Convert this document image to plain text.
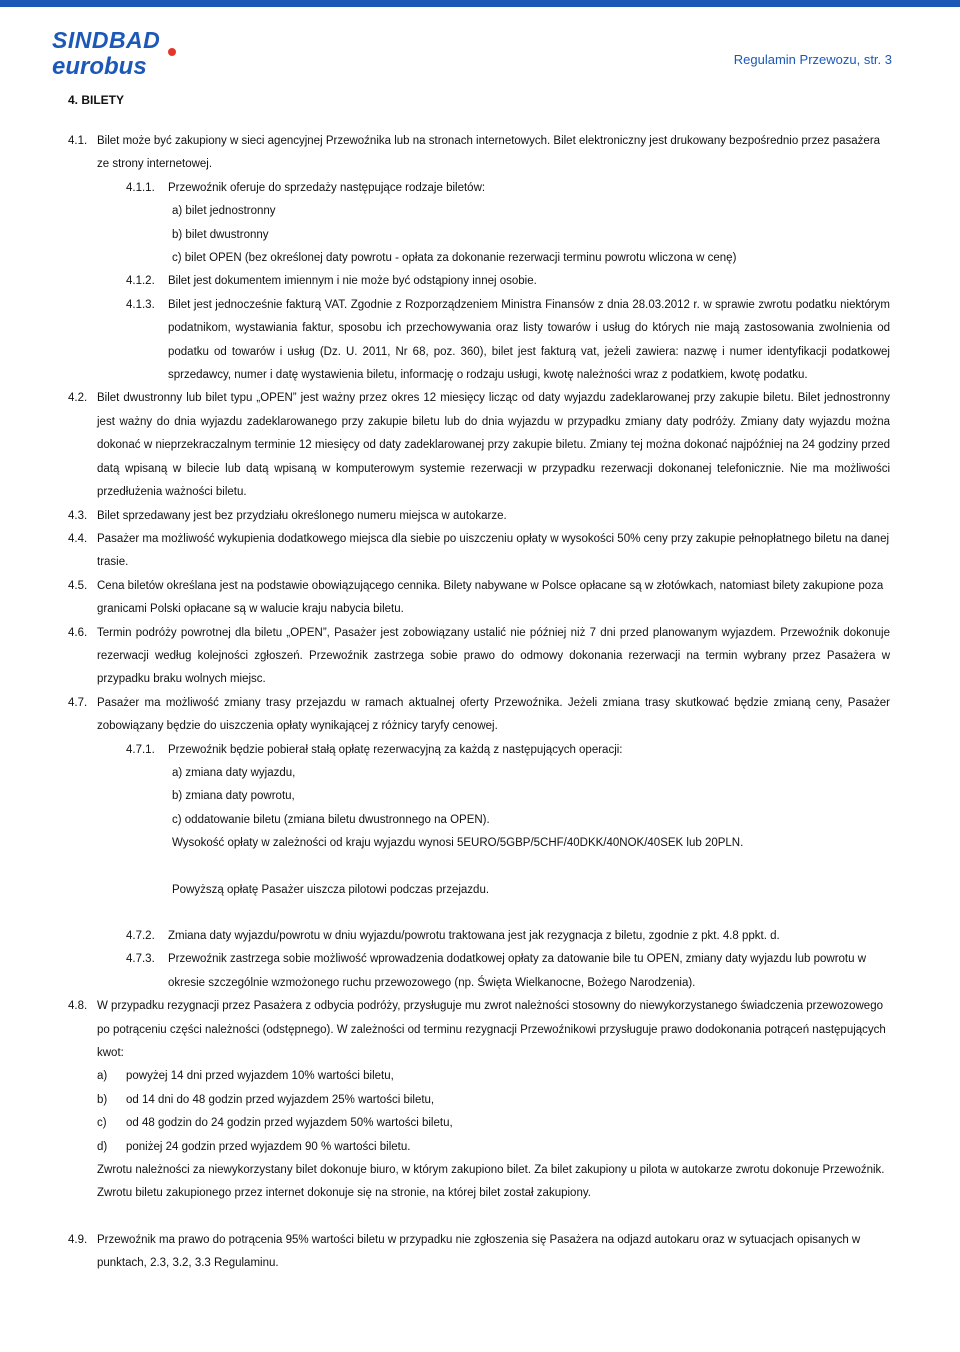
SINDBAD
eurobus	Regulamin Przewozu, str. 3
4. BILETY
4.1. Bilet może być zakupiony w sieci agencyjnej Przewoźnika lub na stronach internetowych. Bilet elektroniczny jest drukowany bezpośrednio przez pasażera ze strony internetowej.
4.1.1. Przewoźnik oferuje do sprzedaży następujące rodzaje biletów:
a) bilet jednostronny
b) bilet dwustronny
c) bilet OPEN (bez określonej daty powrotu - opłata za dokonanie rezerwacji terminu powrotu wliczona w cenę)
4.1.2. Bilet jest dokumentem imiennym i nie może być odstąpiony innej osobie.
4.1.3. Bilet jest jednocześnie fakturą VAT. Zgodnie z Rozporządzeniem Ministra Finansów z dnia 28.03.2012 r. w sprawie zwrotu podatku niektórym podatnikom, wystawiania faktur, sposobu ich przechowywania oraz listy towarów i usług do których nie mają zastosowania zwolnienia od podatku od towarów i usług (Dz. U. 2011, Nr 68, poz. 360), bilet jest fakturą vat, jeżeli zawiera: nazwę i numer identyfikacji podatkowej sprzedawcy, numer i datę wystawienia biletu, informację o rodzaju usługi, kwotę należności wraz z podatkiem, kwotę podatku.
4.2. Bilet dwustronny lub bilet typu „OPEN” jest ważny przez okres 12 miesięcy licząc od daty wyjazdu zadeklarowanej przy zakupie biletu. Bilet jednostronny jest ważny do dnia wyjazdu zadeklarowanego przy zakupie biletu lub do dnia wyjazdu w przypadku zmiany daty podróży. Zmiany daty wyjazdu można dokonać w nieprzekraczalnym terminie 12 miesięcy od daty zadeklarowanej przy zakupie biletu. Zmiany tej można dokonać najpóźniej na 24 godziny przed datą wpisaną w bilecie lub datą wpisaną w komputerowym systemie rezerwacji w przypadku rezerwacji dokonanej telefonicznie. Nie ma możliwości przedłużenia ważności biletu.
4.3. Bilet sprzedawany jest bez przydziału określonego numeru miejsca w autokarze.
4.4. Pasażer ma możliwość wykupienia dodatkowego miejsca dla siebie po uiszczeniu opłaty w wysokości 50% ceny przy zakupie pełnopłatnego biletu na danej trasie.
4.5. Cena biletów określana jest na podstawie obowiązującego cennika. Bilety nabywane w Polsce opłacane są w złotówkach, natomiast bilety zakupione poza granicami Polski opłacane są w walucie kraju nabycia biletu.
4.6. Termin podróży powrotnej dla biletu „OPEN”, Pasażer jest zobowiązany ustalić nie później niż 7 dni przed planowanym wyjazdem. Przewoźnik dokonuje rezerwacji według kolejności zgłoszeń. Przewoźnik zastrzega sobie prawo do odmowy dokonania rezerwacji na termin wybrany przez Pasażera w przypadku braku wolnych miejsc.
4.7. Pasażer ma możliwość zmiany trasy przejazdu w ramach aktualnej oferty Przewoźnika. Jeżeli zmiana trasy skutkować będzie zmianą ceny, Pasażer zobowiązany będzie do uiszczenia opłaty wynikającej z różnicy taryfy cenowej.
4.7.1. Przewoźnik będzie pobierał stałą opłatę rezerwacyjną za każdą z następujących operacji:
a) zmiana daty wyjazdu,
b) zmiana daty powrotu,
c) oddatowanie biletu (zmiana biletu dwustronnego na OPEN).
Wysokość opłaty w zależności od kraju wyjazdu wynosi 5EURO/5GBP/5CHF/40DKK/40NOK/40SEK lub 20PLN.
Powyższą opłatę Pasażer uiszcza pilotowi podczas przejazdu.
4.7.2. Zmiana daty wyjazdu/powrotu w dniu wyjazdu/powrotu traktowana jest jak rezygnacja z biletu, zgodnie z pkt. 4.8 ppkt. d.
4.7.3. Przewoźnik zastrzega sobie możliwość wprowadzenia dodatkowej opłaty za datowanie bile tu OPEN, zmiany daty wyjazdu lub powrotu w okresie szczególnie wzmożonego ruchu przewozowego (np. Święta Wielkanocne, Bożego Narodzenia).
4.8. W przypadku rezygnacji przez Pasażera z odbycia podróży, przysługuje mu zwrot należności stosowny do niewykorzystanego świadczenia przewozowego po potrąceniu części należności (odstępnego). W zależności od terminu rezygnacji Przewoźnikowi przysługuje prawo dodokonania potrąceń następujących kwot:
a) powyżej 14 dni przed wyjazdem 10% wartości biletu,
b) od 14 dni do 48 godzin przed wyjazdem 25% wartości biletu,
c) od 48 godzin do 24 godzin przed wyjazdem 50% wartości biletu,
d) poniżej 24 godzin przed wyjazdem 90 % wartości biletu.
Zwrotu należności za niewykorzystany bilet dokonuje biuro, w którym zakupiono bilet. Za bilet zakupiony u pilota w autokarze zwrotu dokonuje Przewoźnik. Zwrotu biletu zakupionego przez internet dokonuje się na stronie, na której bilet został zakupiony.
4.9. Przewoźnik ma prawo do potrącenia 95% wartości biletu w przypadku nie zgłoszenia się Pasażera na odjazd autokaru oraz w sytuacjach opisanych w punktach, 2.3, 3.2, 3.3 Regulaminu.
